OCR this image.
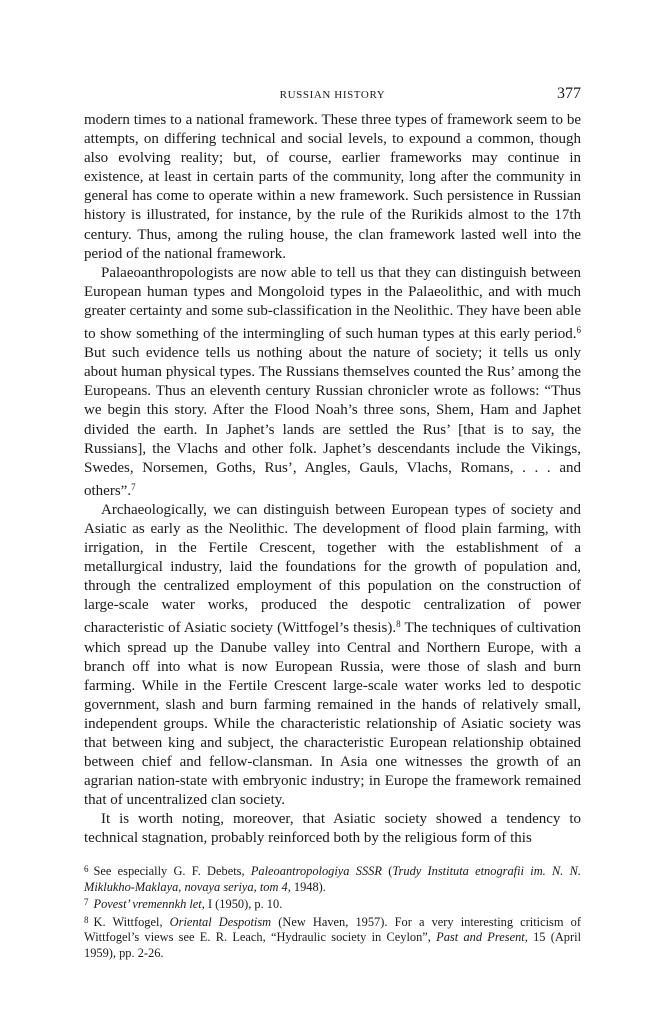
RUSSIAN HISTORY	377

modern times to a national framework. These three types of framework seem to be attempts, on differing technical and social levels, to expound a common, though also evolving reality; but, of course, earlier frameworks may continue in existence, at least in certain parts of the community, long after the community in general has come to operate within a new framework. Such persistence in Russian history is illustrated, for instance, by the rule of the Rurikids almost to the 17th century. Thus, among the ruling house, the clan framework lasted well into the period of the national framework.

Palaeoanthropologists are now able to tell us that they can distinguish between European human types and Mongoloid types in the Palaeolithic, and with much greater certainty and some sub-classification in the Neolithic. They have been able to show something of the intermingling of such human types at this early period.$^6$ But such evidence tells us nothing about the nature of society; it tells us only about human physical types. The Russians themselves counted the Rus’ among the Europeans. Thus an eleventh century Russian chronicler wrote as follows: “Thus we begin this story. After the Flood Noah’s three sons, Shem, Ham and Japhet divided the earth. In Japhet’s lands are settled the Rus’ [that is to say, the Russians], the Vlachs and other folk. Japhet’s descendants include the Vikings, Swedes, Norsemen, Goths, Rus’, Angles, Gauls, Vlachs, Romans, . . . and others”.$^7$

Archaeologically, we can distinguish between European types of society and Asiatic as early as the Neolithic. The development of flood plain farming, with irrigation, in the Fertile Crescent, together with the establishment of a metallurgical industry, laid the foundations for the growth of population and, through the centralized employment of this population on the construction of large-scale water works, produced the despotic centralization of power characteristic of Asiatic society (Wittfogel’s thesis).$^8$ The techniques of cultivation which spread up the Danube valley into Central and Northern Europe, with a branch off into what is now European Russia, were those of slash and burn farming. While in the Fertile Crescent large-scale water works led to despotic government, slash and burn farming remained in the hands of relatively small, independent groups. While the characteristic relationship of Asiatic society was that between king and subject, the characteristic European relationship obtained between chief and fellow-clansman. In Asia one witnesses the growth of an agrarian nation-state with embryonic industry; in Europe the framework remained that of uncentralized clan society.

It is worth noting, moreover, that Asiatic society showed a tendency to technical stagnation, probably reinforced both by the religious form of this

$^6$ See especially G. F. Debets, Paleoantropologiya SSSR (Trudy Instituta etnografii im. N. N. Miklukho-Maklaya, novaya seriya, tom 4, 1948).

$^7$ Povest’ vremennkh let, I (1950), p. 10.

$^8$ K. Wittfogel, Oriental Despotism (New Haven, 1957). For a very interesting criticism of Wittfogel’s views see E. R. Leach, “Hydraulic society in Ceylon”, Past and Present, 15 (April 1959), pp. 2-26.
